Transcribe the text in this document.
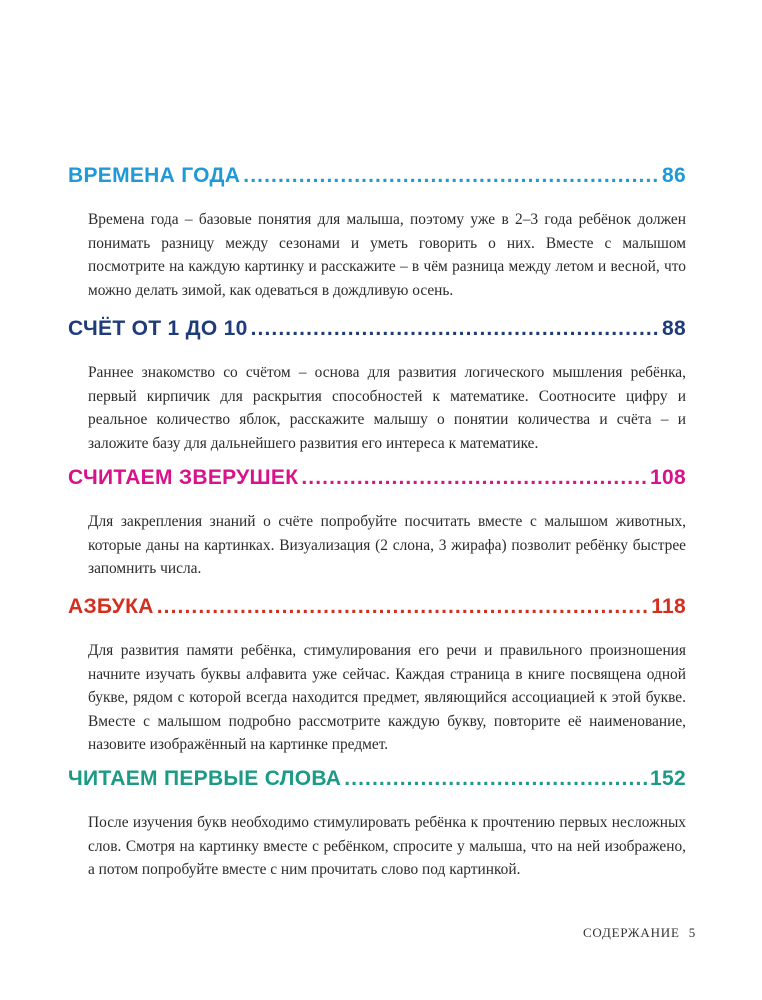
ВРЕМЕНА ГОДА .....	86

Времена года – базовые понятия для малыша, поэтому уже в 2–3 года ребёнок должен понимать разницу между сезонами и уметь говорить о них. Вместе с малышом посмотрите на каждую картинку и расскажите – в чём разница между летом и весной, что можно делать зимой, как одеваться в дождливую осень.

СЧЁТ ОТ 1 ДО 10 .....	88

Раннее знакомство со счётом – основа для развития логического мышления ребёнка, первый кирпичик для раскрытия способностей к математике. Соотносите цифру и реальное количество яблок, расскажите малышу о понятии количества и счёта – и заложите базу для дальнейшего развития его интереса к математике.

СЧИТАЕМ ЗВЕРУШЕК .....	108

Для закрепления знаний о счёте попробуйте посчитать вместе с малышом животных, которые даны на картинках. Визуализация (2 слона, 3 жирафа) позволит ребёнку быстрее запомнить числа.

АЗБУКА .....	118

Для развития памяти ребёнка, стимулирования его речи и правильного произношения начните изучать буквы алфавита уже сейчас. Каждая страница в книге посвящена одной букве, рядом с которой всегда находится предмет, являющийся ассоциацией к этой букве. Вместе с малышом подробно рассмотрите каждую букву, повторите её наименование, назовите изображённый на картинке предмет.

ЧИТАЕМ ПЕРВЫЕ СЛОВА .....	152

После изучения букв необходимо стимулировать ребёнка к прочтению первых несложных слов. Смотря на картинку вместе с ребёнком, спросите у малыша, что на ней изображено, а потом попробуйте вместе с ним прочитать слово под картинкой.

СОДЕРЖАНИЕ 5
